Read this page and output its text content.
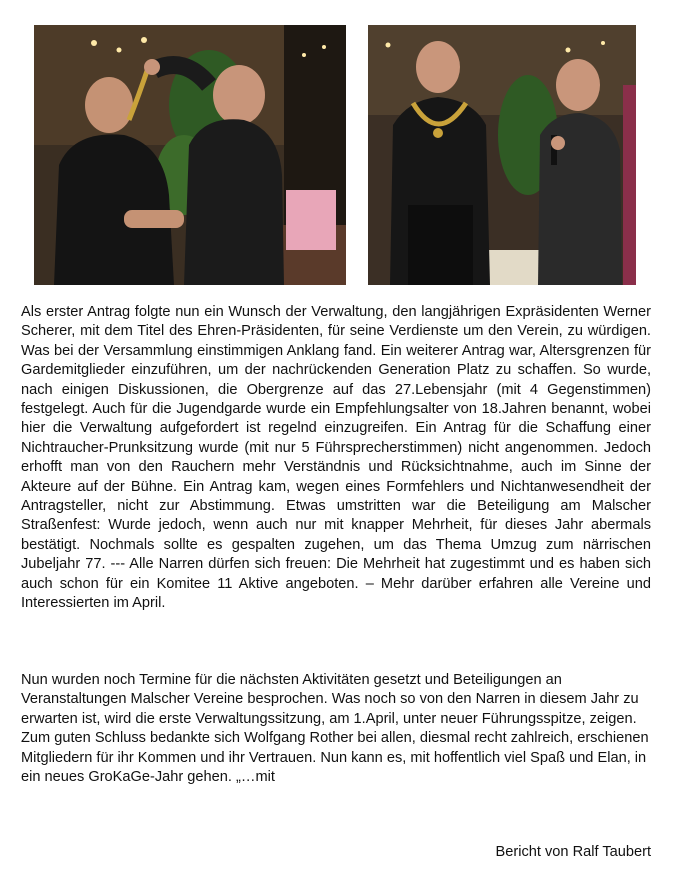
Als erster Antrag folgte nun ein Wunsch der Verwaltung, den langjährigen Expräsidenten Werner Scherer, mit dem Titel des Ehren-Präsidenten, für seine Verdienste um den Verein, zu würdigen. Was bei der Versammlung einstimmigen Anklang fand. Ein weiterer Antrag war, Altersgrenzen für Gardemitglieder einzuführen, um der nachrückenden Generation Platz zu schaffen. So wurde, nach einigen Diskussionen, die Obergrenze auf das 27.Lebensjahr (mit 4 Gegenstimmen) festgelegt. Auch für die Jugendgarde wurde ein Empfehlungsalter von 18.Jahren benannt, wobei hier die Verwaltung aufgefordert ist regelnd einzugreifen. Ein Antrag für die Schaffung einer Nichtraucher-Prunksitzung wurde (mit nur 5 Führsprecherstimmen) nicht angenommen. Jedoch erhofft man von den Rauchern mehr Verständnis und Rücksichtnahme, auch im Sinne der Akteure auf der Bühne. Ein Antrag kam, wegen eines Formfehlers und Nichtanwesendheit der Antragsteller, nicht zur Abstimmung. Etwas umstritten war die Beteiligung am Malscher Straßenfest: Wurde jedoch, wenn auch nur mit knapper Mehrheit, für dieses Jahr abermals bestätigt. Nochmals sollte es gespalten zugehen, um das Thema Umzug zum närrischen Jubeljahr 77. --- Alle Narren dürfen sich freuen: Die Mehrheit hat zugestimmt und es haben sich auch schon für ein Komitee 11 Aktive angeboten. – Mehr darüber erfahren alle Vereine und Interessierten im April.

Nun wurden noch Termine für die nächsten Aktivitäten gesetzt und Beteiligungen an Veranstaltungen Malscher Vereine besprochen. Was noch so von den Narren in diesem Jahr zu erwarten ist, wird die erste Verwaltungssitzung, am 1.April, unter neuer Führungsspitze, zeigen. Zum guten Schluss bedankte sich Wolfgang Rother bei allen, diesmal recht zahlreich, erschienen Mitgliedern für ihr Kommen und ihr Vertrauen. Nun kann es, mit hoffentlich viel Spaß und Elan, in ein neues GroKaGe-Jahr gehen. „…mit

Bericht von Ralf Taubert
